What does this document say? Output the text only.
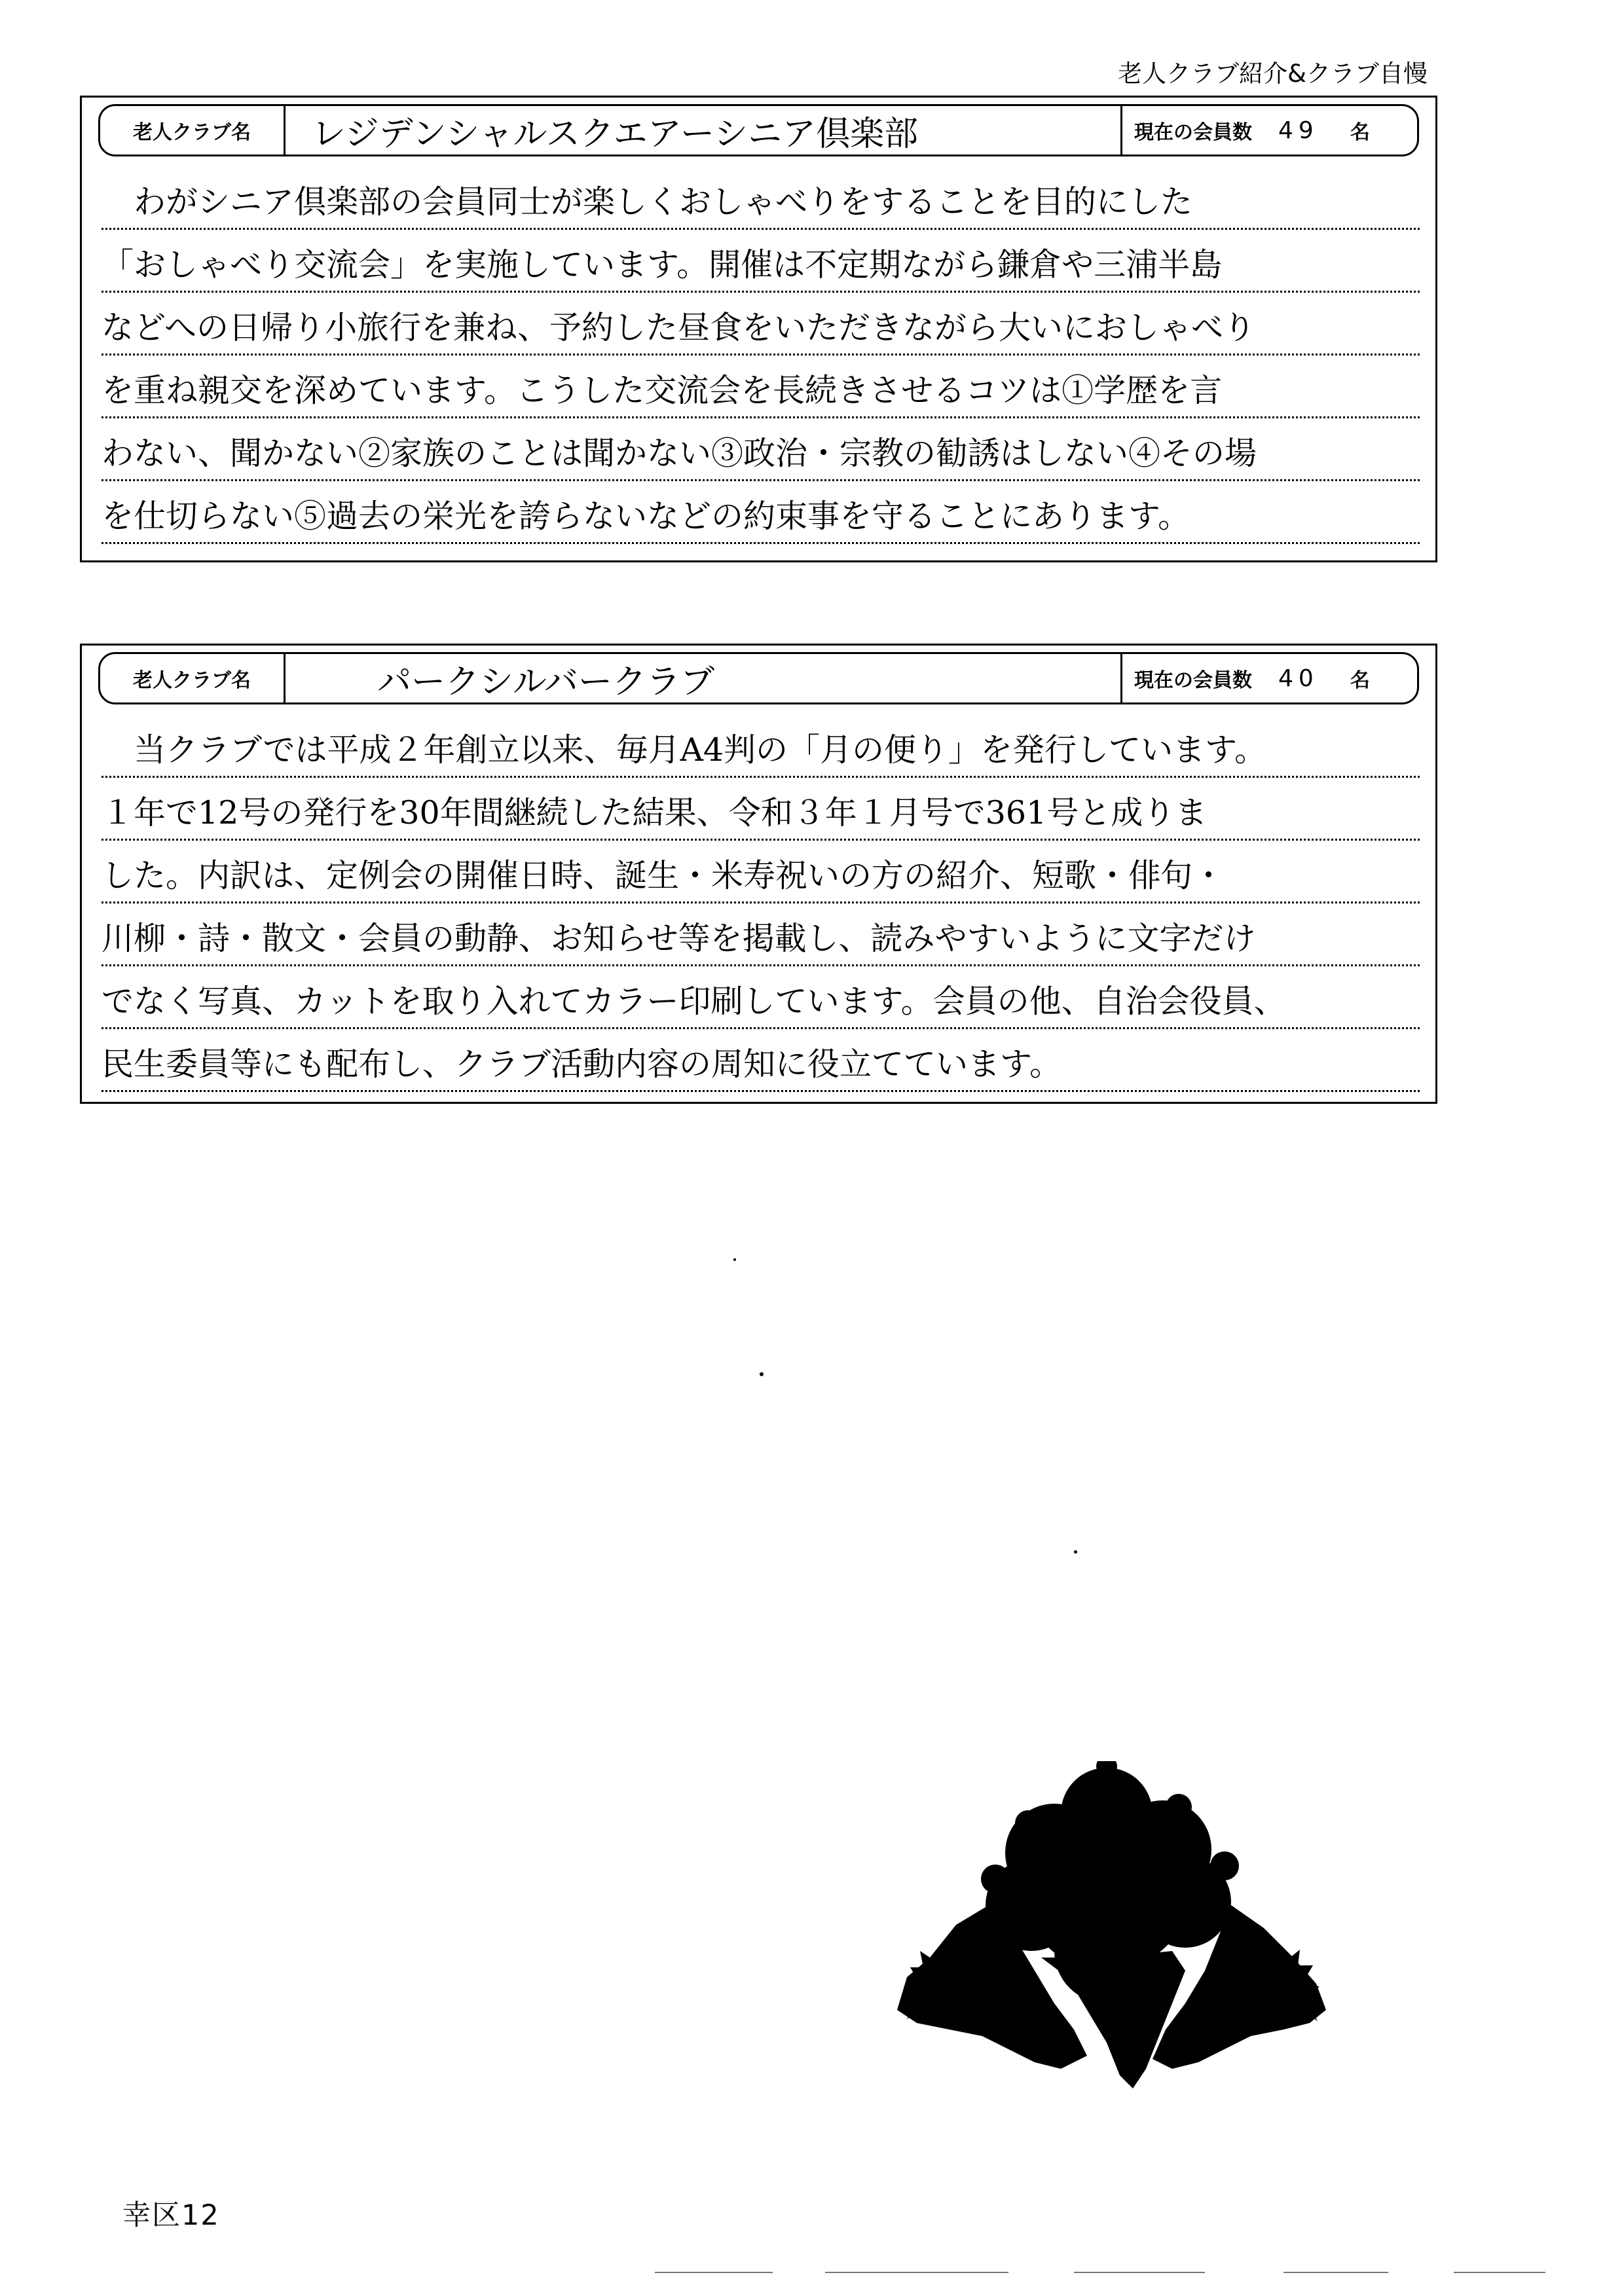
老人クラブ紹介&クラブ自慢
老人クラブ名	レジデンシャルスクエアーシニア倶楽部	現在の会員数 49 名
　わがシニア倶楽部の会員同士が楽しくおしゃべりをすることを目的にした
「おしゃべり交流会」を実施しています。開催は不定期ながら鎌倉や三浦半島
などへの日帰り小旅行を兼ね、予約した昼食をいただきながら大いにおしゃべり
を重ね親交を深めています。こうした交流会を長続きさせるコツは①学歴を言
わない、聞かない②家族のことは聞かない③政治・宗教の勧誘はしない④その場
を仕切らない⑤過去の栄光を誇らないなどの約束事を守ることにあります。
老人クラブ名	パークシルバークラブ	現在の会員数 40 名
　当クラブでは平成２年創立以来、毎月A4判の「月の便り」を発行しています。
１年で12号の発行を30年間継続した結果、令和３年１月号で361号と成りま
した。内訳は、定例会の開催日時、誕生・米寿祝いの方の紹介、短歌・俳句・
川柳・詩・散文・会員の動静、お知らせ等を掲載し、読みやすいように文字だけ
でなく写真、カットを取り入れてカラー印刷しています。会員の他、自治会役員、
民生委員等にも配布し、クラブ活動内容の周知に役立てています。
幸区12
